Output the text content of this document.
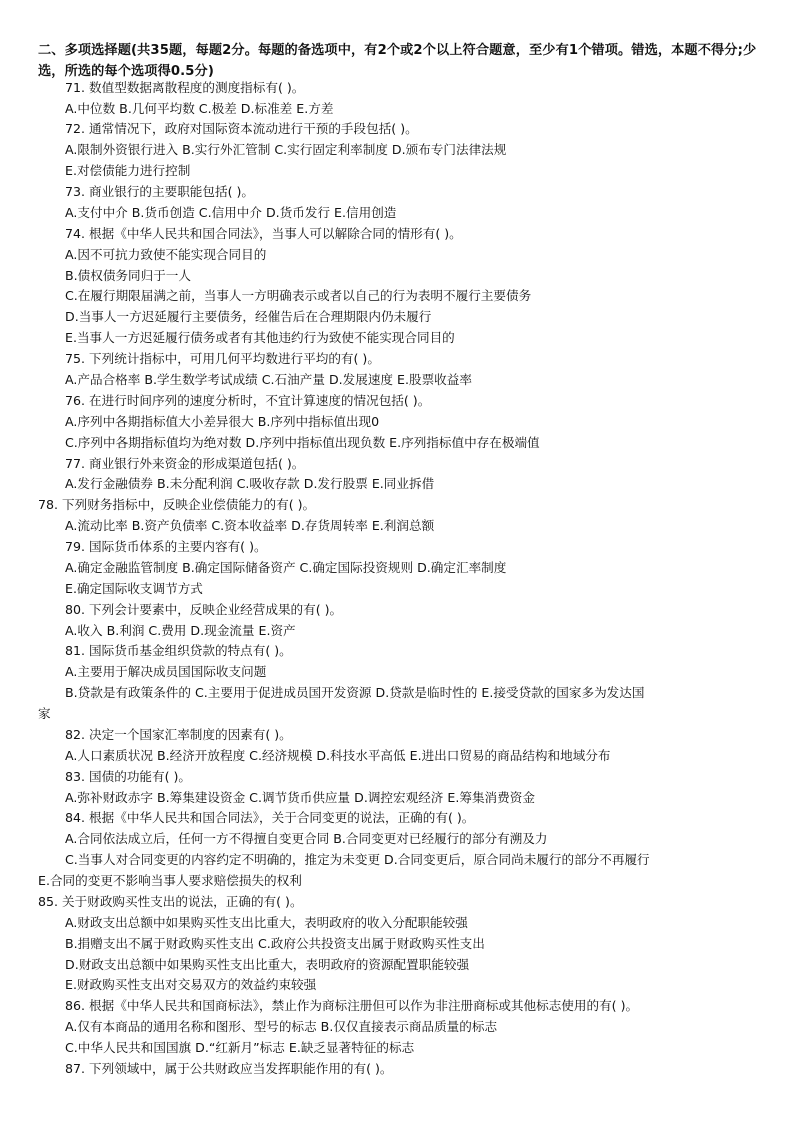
二、多项选择题(共35题，每题2分。每题的备选项中，有2个或2个以上符合题意，至少有1个错项。错选，本题不得分;少选，所选的每个选项得0.5分)
71. 数值型数据离散程度的测度指标有( )。
A.中位数 B.几何平均数 C.极差 D.标准差 E.方差
72. 通常情况下，政府对国际资本流动进行干预的手段包括( )。
A.限制外资银行进入 B.实行外汇管制 C.实行固定利率制度 D.颁布专门法律法规
E.对偿债能力进行控制
73. 商业银行的主要职能包括( )。
A.支付中介 B.货币创造 C.信用中介 D.货币发行 E.信用创造
74. 根据《中华人民共和国合同法》，当事人可以解除合同的情形有( )。
A.因不可抗力致使不能实现合同目的
B.债权债务同归于一人
C.在履行期限届满之前，当事人一方明确表示或者以自己的行为表明不履行主要债务
D.当事人一方迟延履行主要债务，经催告后在合理期限内仍未履行
E.当事人一方迟延履行债务或者有其他违约行为致使不能实现合同目的
75. 下列统计指标中，可用几何平均数进行平均的有( )。
A.产品合格率 B.学生数学考试成绩 C.石油产量 D.发展速度 E.股票收益率
76. 在进行时间序列的速度分析时，不宜计算速度的情况包括( )。
A.序列中各期指标值大小差异很大 B.序列中指标值出现0
C.序列中各期指标值均为绝对数 D.序列中指标值出现负数 E.序列指标值中存在极端值
77. 商业银行外来资金的形成渠道包括( )。
A.发行金融债券 B.未分配利润 C.吸收存款 D.发行股票 E.同业拆借
78. 下列财务指标中，反映企业偿债能力的有( )。
A.流动比率 B.资产负债率 C.资本收益率 D.存货周转率 E.利润总额
79. 国际货币体系的主要内容有( )。
A.确定金融监管制度 B.确定国际储备资产 C.确定国际投资规则 D.确定汇率制度
E.确定国际收支调节方式
80. 下列会计要素中，反映企业经营成果的有( )。
A.收入 B.利润 C.费用 D.现金流量 E.资产
81. 国际货币基金组织贷款的特点有( )。
A.主要用于解决成员国国际收支问题
B.贷款是有政策条件的 C.主要用于促进成员国开发资源 D.贷款是临时性的 E.接受贷款的国家多为发达国
家
82. 决定一个国家汇率制度的因素有( )。
A.人口素质状况 B.经济开放程度 C.经济规模 D.科技水平高低 E.进出口贸易的商品结构和地域分布
83. 国债的功能有( )。
A.弥补财政赤字 B.筹集建设资金 C.调节货币供应量 D.调控宏观经济 E.筹集消费资金
84. 根据《中华人民共和国合同法》，关于合同变更的说法，正确的有( )。
A.合同依法成立后，任何一方不得擅自变更合同 B.合同变更对已经履行的部分有溯及力
C.当事人对合同变更的内容约定不明确的，推定为未变更 D.合同变更后，原合同尚未履行的部分不再履行
E.合同的变更不影响当事人要求赔偿损失的权利
85. 关于财政购买性支出的说法，正确的有( )。
A.财政支出总额中如果购买性支出比重大，表明政府的收入分配职能较强
B.捐赠支出不属于财政购买性支出 C.政府公共投资支出属于财政购买性支出
D.财政支出总额中如果购买性支出比重大，表明政府的资源配置职能较强
E.财政购买性支出对交易双方的效益约束较强
86. 根据《中华人民共和国商标法》，禁止作为商标注册但可以作为非注册商标或其他标志使用的有( )。
A.仅有本商品的通用名称和图形、型号的标志 B.仅仅直接表示商品质量的标志
C.中华人民共和国国旗 D.“红新月”标志 E.缺乏显著特征的标志
87. 下列领域中，属于公共财政应当发挥职能作用的有( )。
